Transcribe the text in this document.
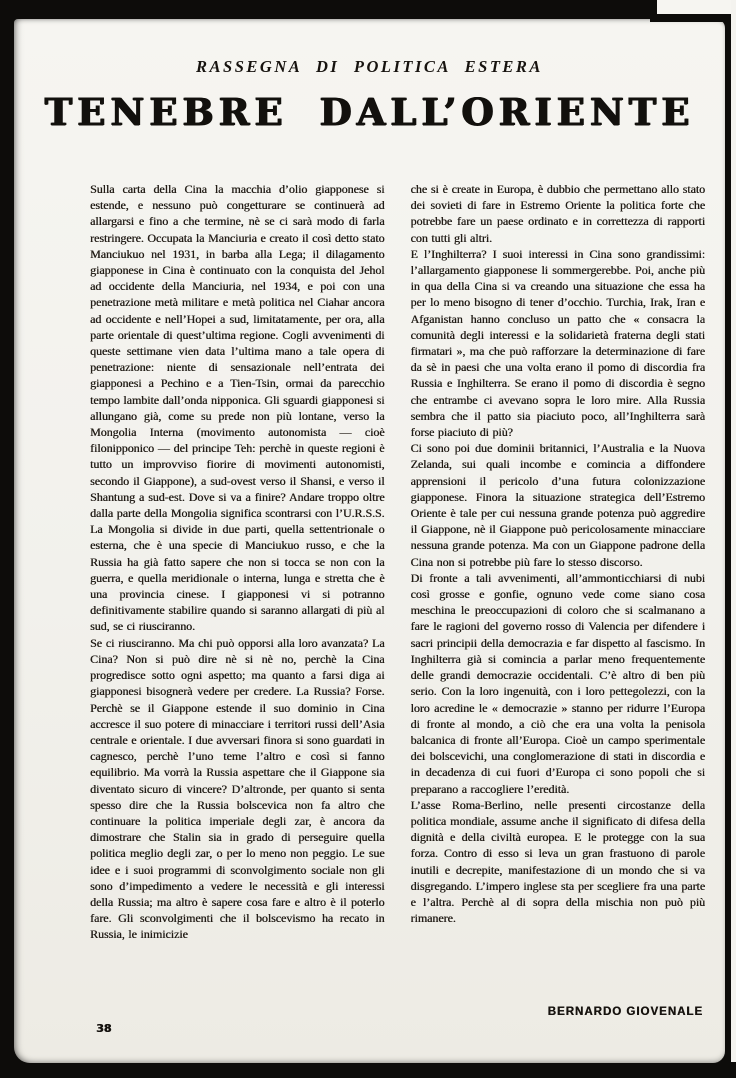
RASSEGNA DI POLITICA ESTERA
TENEBRE DALL’ORIENTE

Sulla carta della Cina la macchia d’olio giapponese si estende, e nessuno può congetturare se continuerà ad allargarsi e fino a che termine, nè se ci sarà modo di farla restringere. Occupata la Manciuria e creato il così detto stato Manciukuo nel 1931, in barba alla Lega; il dilagamento giapponese in Cina è continuato con la conquista del Jehol ad occidente della Manciuria, nel 1934, e poi con una penetrazione metà militare e metà politica nel Ciahar ancora ad occidente e nell’Hopei a sud, limitatamente, per ora, alla parte orientale di quest’ultima regione. Cogli avvenimenti di queste settimane vien data l’ultima mano a tale opera di penetrazione: niente di sensazionale nell’entrata dei giapponesi a Pechino e a Tien-Tsin, ormai da parecchio tempo lambite dall’onda nipponica. Gli sguardi giapponesi si allungano già, come su prede non più lontane, verso la Mongolia Interna (movimento autonomista — cioè filonipponico — del principe Teh: perchè in queste regioni è tutto un improvviso fiorire di movimenti autonomisti, secondo il Giappone), a sud-ovest verso il Shansi, e verso il Shantung a sud-est. Dove si va a finire? Andare troppo oltre dalla parte della Mongolia significa scontrarsi con l’U.R.S.S. La Mongolia si divide in due parti, quella settentrionale o esterna, che è una specie di Manciukuo russo, e che la Russia ha già fatto sapere che non si tocca se non con la guerra, e quella meridionale o interna, lunga e stretta che è una provincia cinese. I giapponesi vi si potranno definitivamente stabilire quando si saranno allargati di più al sud, se ci riusciranno.

Se ci riusciranno. Ma chi può opporsi alla loro avanzata? La Cina? Non si può dire nè si nè no, perchè la Cina progredisce sotto ogni aspetto; ma quanto a farsi diga ai giapponesi bisognerà vedere per credere. La Russia? Forse. Perchè se il Giappone estende il suo dominio in Cina accresce il suo potere di minacciare i territori russi dell’Asia centrale e orientale. I due avversari finora si sono guardati in cagnesco, perchè l’uno teme l’altro e così si fanno equilibrio. Ma vorrà la Russia aspettare che il Giappone sia diventato sicuro di vincere? D’altronde, per quanto si senta spesso dire che la Russia bolscevica non fa altro che continuare la politica imperiale degli zar, è ancora da dimostrare che Stalin sia in grado di perseguire quella politica meglio degli zar, o per lo meno non peggio. Le sue idee e i suoi programmi di sconvolgimento sociale non gli sono d’impedimento a vedere le necessità e gli interessi della Russia; ma altro è sapere cosa fare e altro è il poterlo fare. Gli sconvolgimenti che il bolscevismo ha recato in Russia, le inimicizie

che si è create in Europa, è dubbio che permettano allo stato dei sovieti di fare in Estremo Oriente la politica forte che potrebbe fare un paese ordinato e in correttezza di rapporti con tutti gli altri.

E l’Inghilterra? I suoi interessi in Cina sono grandissimi: l’allargamento giapponese li sommergerebbe. Poi, anche più in qua della Cina si va creando una situazione che essa ha per lo meno bisogno di tener d’occhio. Turchia, Irak, Iran e Afganistan hanno concluso un patto che « consacra la comunità degli interessi e la solidarietà fraterna degli stati firmatari », ma che può rafforzare la determinazione di fare da sè in paesi che una volta erano il pomo di discordia fra Russia e Inghilterra. Se erano il pomo di discordia è segno che entrambe ci avevano sopra le loro mire. Alla Russia sembra che il patto sia piaciuto poco, all’Inghilterra sarà forse piaciuto di più?

Ci sono poi due dominii britannici, l’Australia e la Nuova Zelanda, sui quali incombe e comincia a diffondere apprensioni il pericolo d’una futura colonizzazione giapponese. Finora la situazione strategica dell’Estremo Oriente è tale per cui nessuna grande potenza può aggredire il Giappone, nè il Giappone può pericolosamente minacciare nessuna grande potenza. Ma con un Giappone padrone della Cina non si potrebbe più fare lo stesso discorso.

Di fronte a tali avvenimenti, all’ammonticchiarsi di nubi così grosse e gonfie, ognuno vede come siano cosa meschina le preoccupazioni di coloro che si scalmanano a fare le ragioni del governo rosso di Valencia per difendere i sacri principii della democrazia e far dispetto al fascismo. In Inghilterra già si comincia a parlar meno frequentemente delle grandi democrazie occidentali. C’è altro di ben più serio. Con la loro ingenuità, con i loro pettegolezzi, con la loro acredine le « democrazie » stanno per ridurre l’Europa di fronte al mondo, a ciò che era una volta la penisola balcanica di fronte all’Europa. Cioè un campo sperimentale dei bolscevichi, una conglomerazione di stati in discordia e in decadenza di cui fuori d’Europa ci sono popoli che si preparano a raccogliere l’eredità.

L’asse Roma-Berlino, nelle presenti circostanze della politica mondiale, assume anche il significato di difesa della dignità e della civiltà europea. E le protegge con la sua forza. Contro di esso si leva un gran frastuono di parole inutili e decrepite, manifestazione di un mondo che si va disgregando. L’impero inglese sta per scegliere fra una parte e l’altra. Perchè al di sopra della mischia non può più rimanere.

38
BERNARDO GIOVENALE
